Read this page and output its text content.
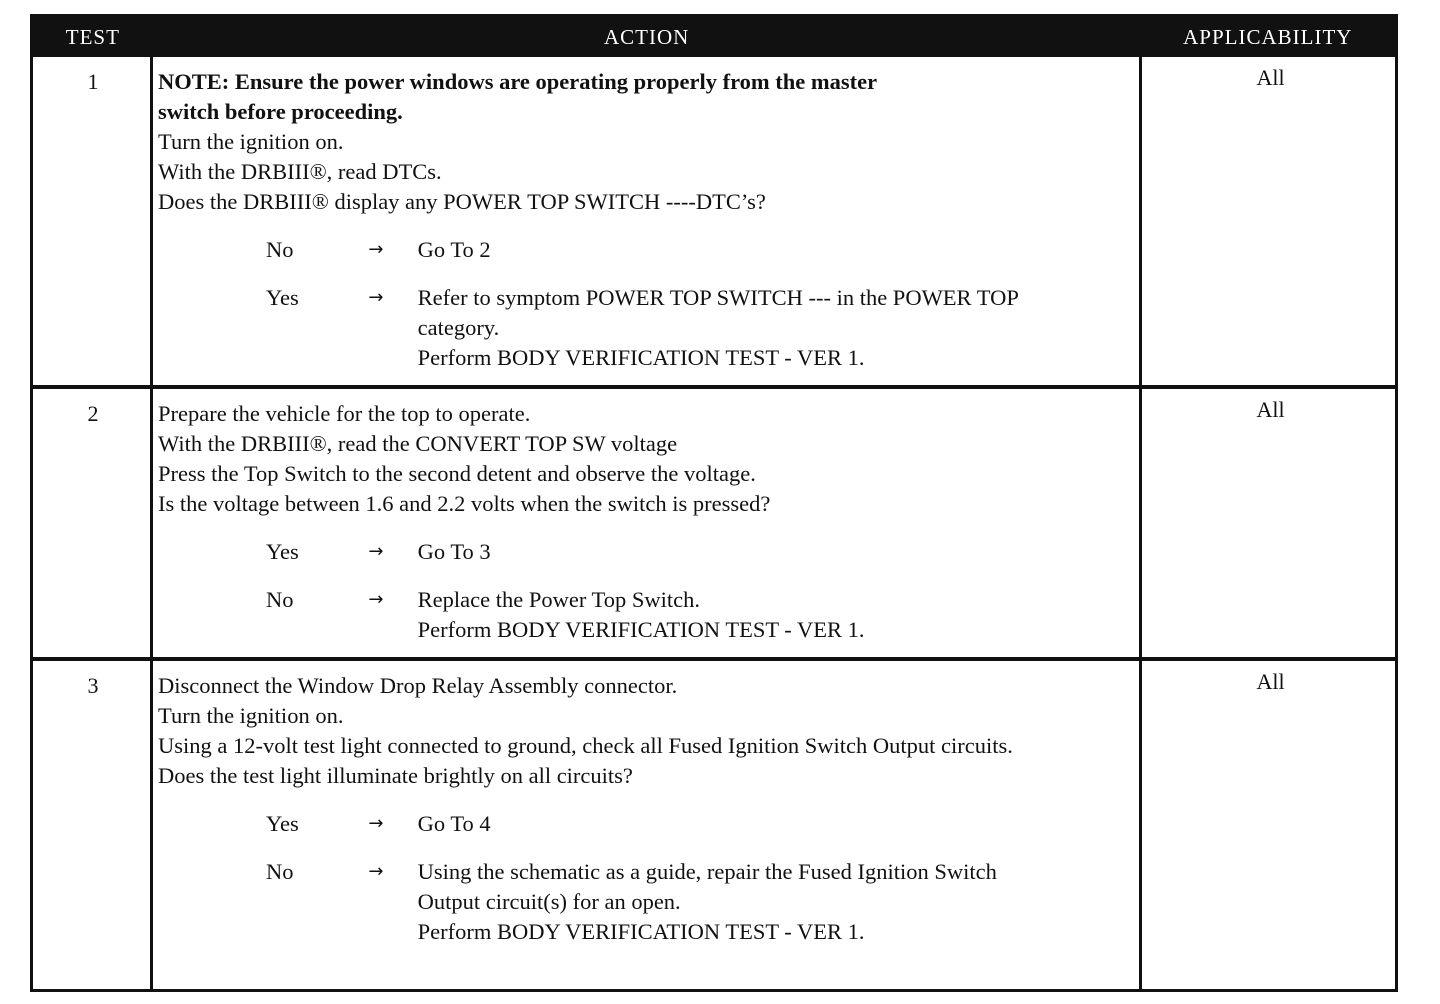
TEST	ACTION	APPLICABILITY
1	NOTE: Ensure the power windows are operating properly from the master
switch before proceeding.
Turn the ignition on.
With the DRBIII®, read DTCs.
Does the DRBIII® display any POWER TOP SWITCH ----DTC’s?
No	→	Go To 2
Yes	→	Refer to symptom POWER TOP SWITCH --- in the POWER TOP
category.
Perform BODY VERIFICATION TEST - VER 1.
All
2	Prepare the vehicle for the top to operate.
With the DRBIII®, read the CONVERT TOP SW voltage
Press the Top Switch to the second detent and observe the voltage.
Is the voltage between 1.6 and 2.2 volts when the switch is pressed?
Yes	→	Go To 3
No	→	Replace the Power Top Switch.
Perform BODY VERIFICATION TEST - VER 1.
All
3	Disconnect the Window Drop Relay Assembly connector.
Turn the ignition on.
Using a 12-volt test light connected to ground, check all Fused Ignition Switch Output circuits.
Does the test light illuminate brightly on all circuits?
Yes	→	Go To 4
No	→	Using the schematic as a guide, repair the Fused Ignition Switch
Output circuit(s) for an open.
Perform BODY VERIFICATION TEST - VER 1.
All
